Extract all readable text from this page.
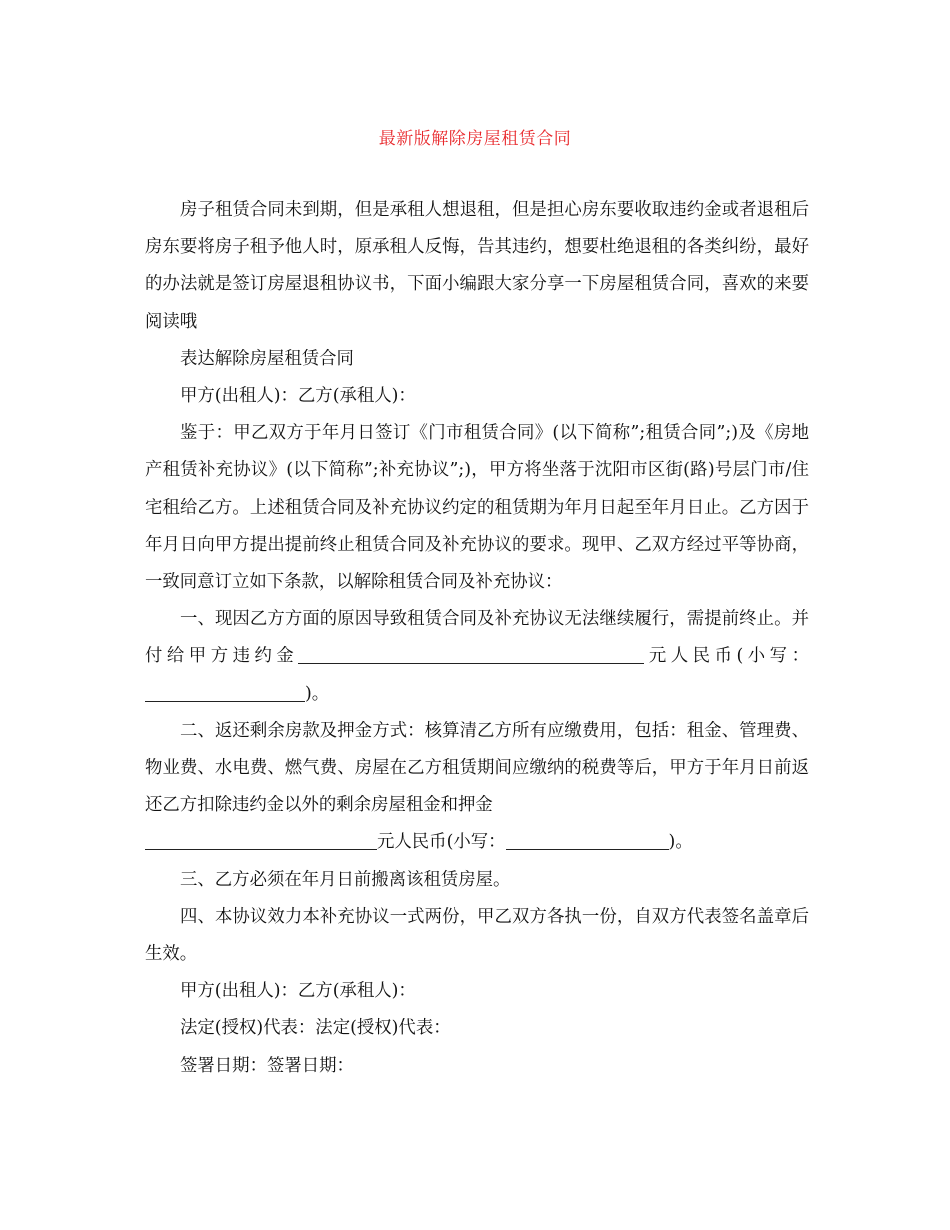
最新版解除房屋租赁合同

房子租赁合同未到期，但是承租人想退租，但是担心房东要收取违约金或者退租后房东要将房子租予他人时，原承租人反悔，告其违约，想要杜绝退租的各类纠纷，最好的办法就是签订房屋退租协议书，下面小编跟大家分享一下房屋租赁合同，喜欢的来要阅读哦

表达解除房屋租赁合同

甲方(出租人)：乙方(承租人)：

鉴于：甲乙双方于年月日签订《门市租赁合同》(以下简称”;租赁合同”;)及《房地产租赁补充协议》(以下简称”;补充协议”;)，甲方将坐落于沈阳市区街(路)号层门市/住宅租给乙方。上述租赁合同及补充协议约定的租赁期为年月日起至年月日止。乙方因于年月日向甲方提出提前终止租赁合同及补充协议的要求。现甲、乙双方经过平等协商，一致同意订立如下条款，以解除租赁合同及补充协议：

一、现因乙方方面的原因导致租赁合同及补充协议无法继续履行，需提前终止。并付给甲方违约金	元人民币(小写：)。

二、返还剩余房款及押金方式：核算清乙方所有应缴费用，包括：租金、管理费、物业费、水电费、燃气费、房屋在乙方租赁期间应缴纳的税费等后，甲方于年月日前返还乙方扣除违约金以外的剩余房屋租金和押金
元人民币(小写：	)。

三、乙方必须在年月日前搬离该租赁房屋。

四、本协议效力本补充协议一式两份，甲乙双方各执一份，自双方代表签名盖章后生效。

甲方(出租人)：乙方(承租人)：

法定(授权)代表：法定(授权)代表：

签署日期：签署日期：
